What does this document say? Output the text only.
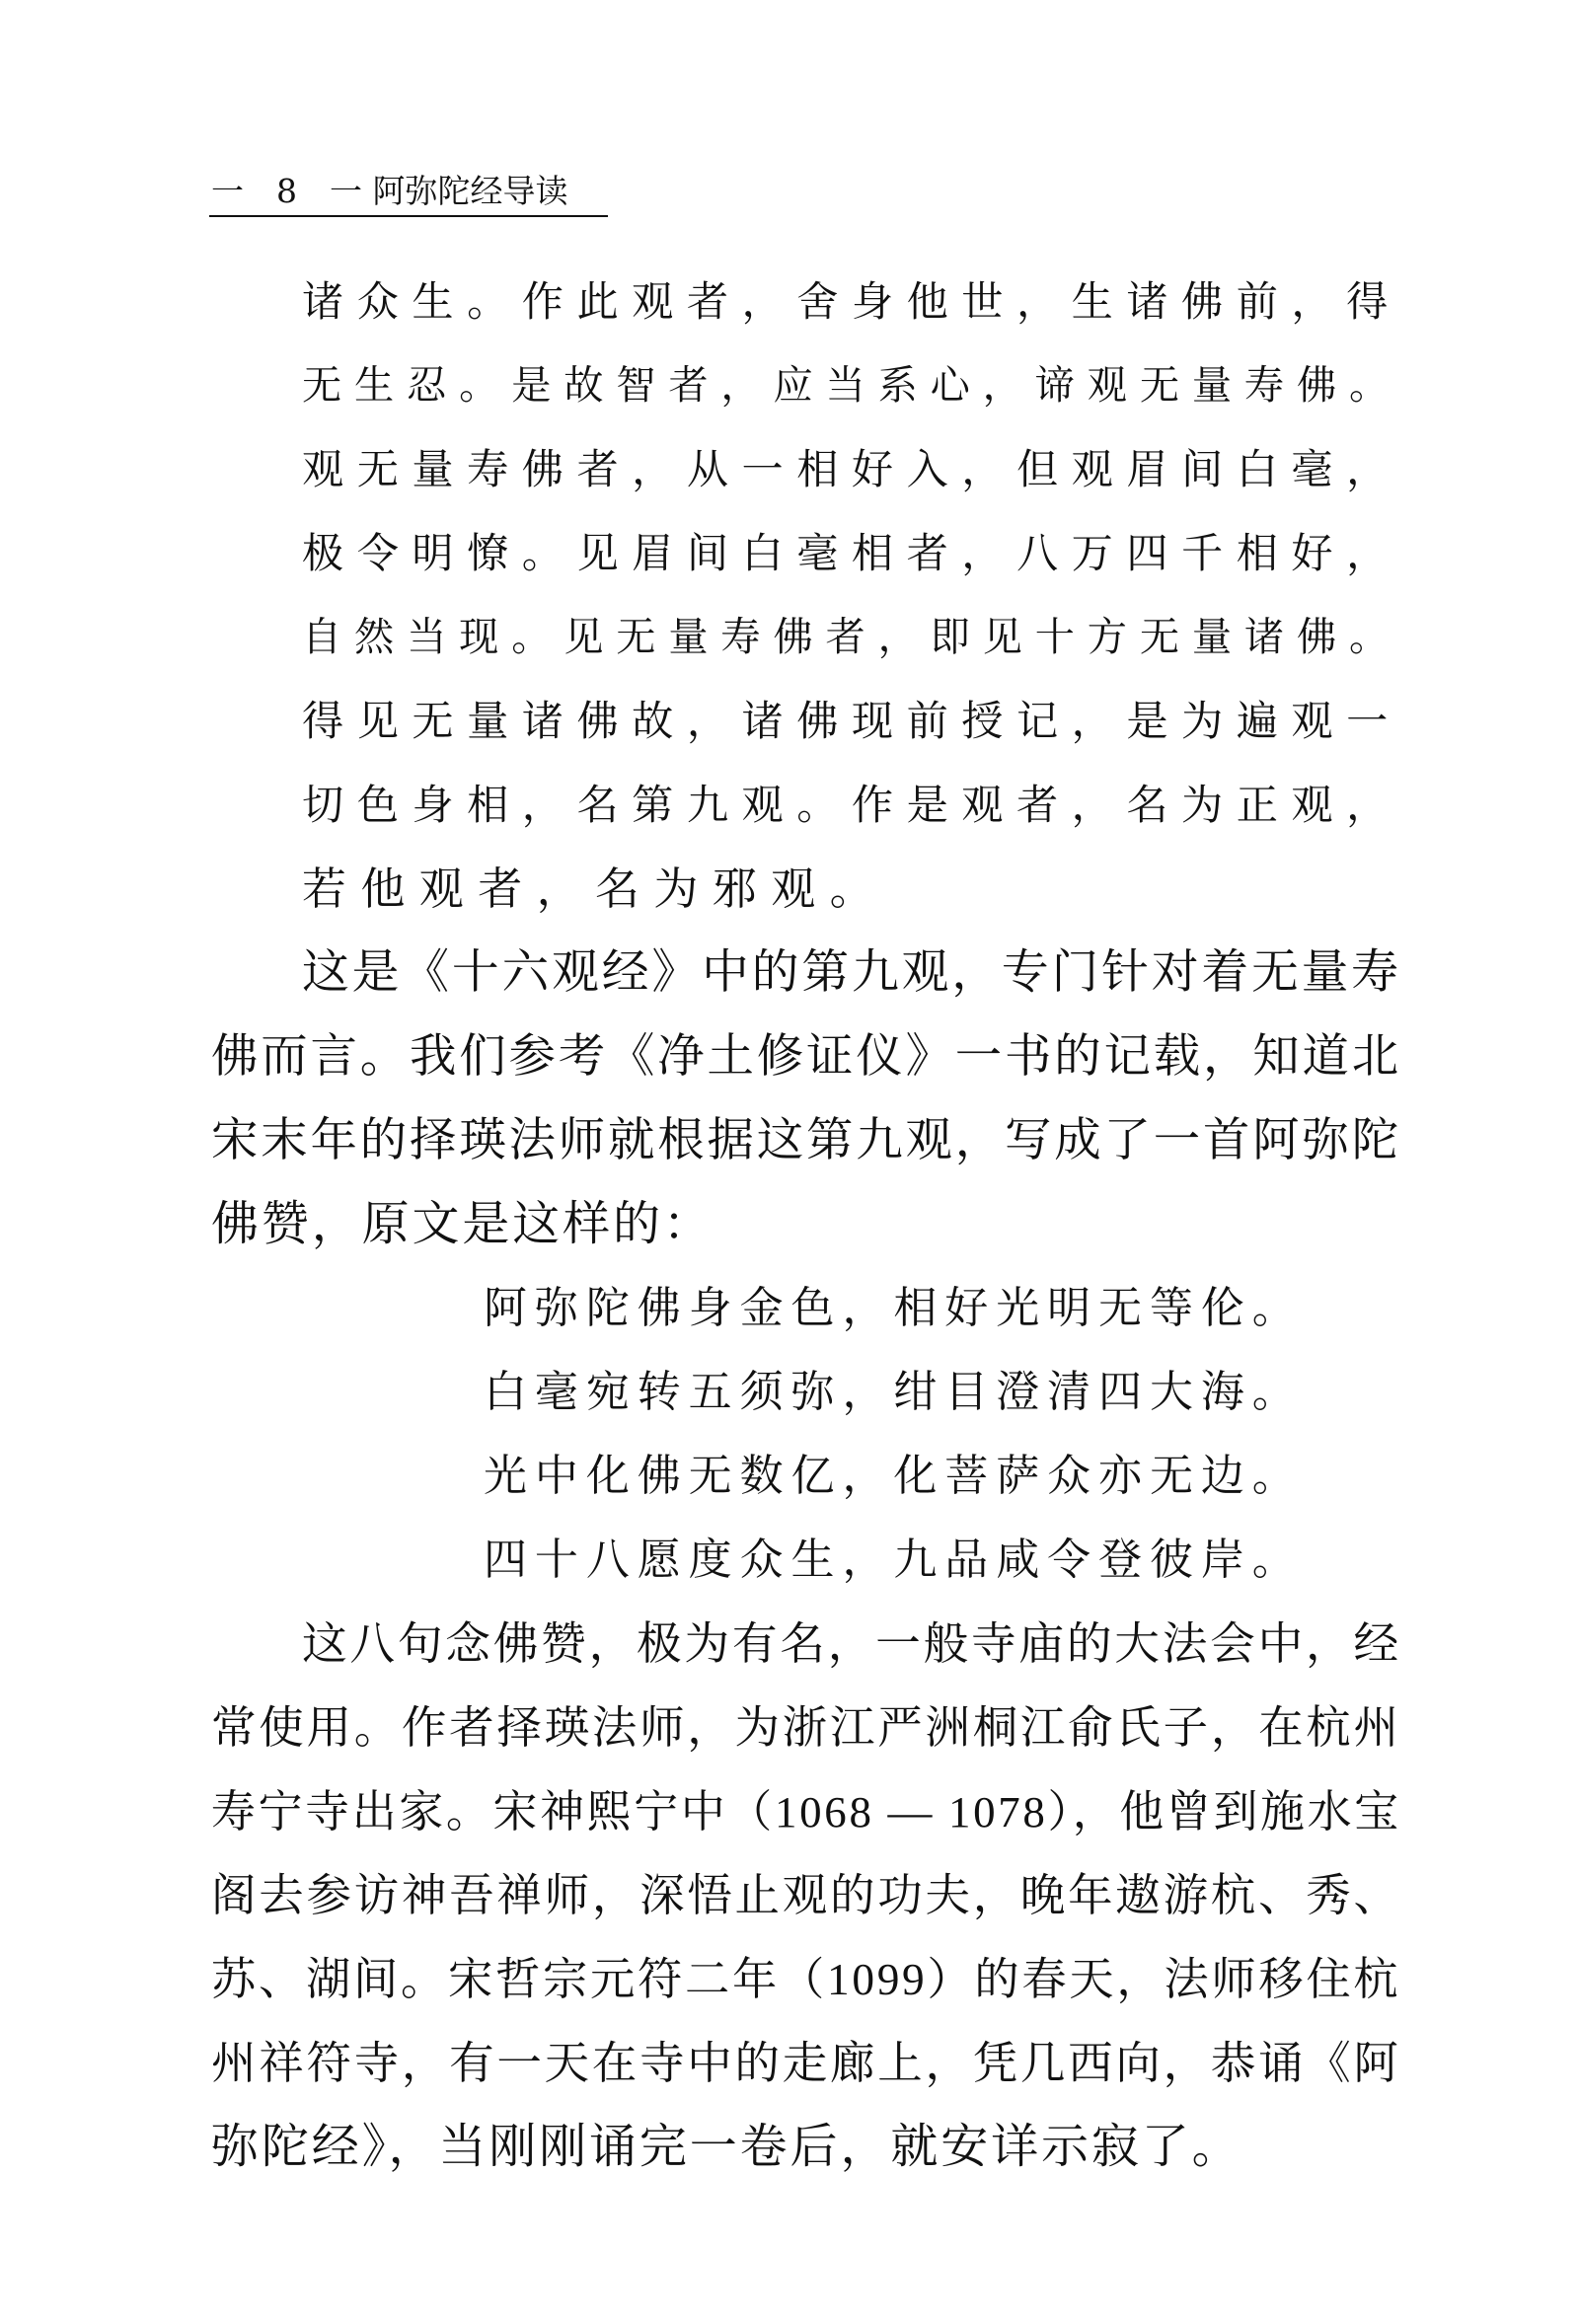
一　8　一 阿弥陀经导读
诸众生。作此观者，舍身他世，生诸佛前，得
无生忍。是故智者，应当系心，谛观无量寿佛。
观无量寿佛者，从一相好入，但观眉间白毫，
极令明憭。见眉间白毫相者，八万四千相好，
自然当现。见无量寿佛者，即见十方无量诸佛。
得见无量诸佛故，诸佛现前授记，是为遍观一
切色身相，名第九观。作是观者，名为正观，
若他观者，名为邪观。
这是《十六观经》中的第九观，专门针对着无量寿
佛而言。我们参考《净土修证仪》一书的记载，知道北
宋末年的择瑛法师就根据这第九观，写成了一首阿弥陀
佛赞，原文是这样的：
阿弥陀佛身金色，相好光明无等伦。
白毫宛转五须弥，绀目澄清四大海。
光中化佛无数亿，化菩萨众亦无边。
四十八愿度众生，九品咸令登彼岸。
这八句念佛赞，极为有名，一般寺庙的大法会中，经
常使用。作者择瑛法师，为浙江严洲桐江俞氏子，在杭州
寿宁寺出家。宋神熙宁中（1068 — 1078），他曾到施水宝
阁去参访神吾禅师，深悟止观的功夫，晚年遨游杭、秀、
苏、湖间。宋哲宗元符二年（1099）的春天，法师移住杭
州祥符寺，有一天在寺中的走廊上，凭几西向，恭诵《阿
弥陀经》，当刚刚诵完一卷后，就安详示寂了。
